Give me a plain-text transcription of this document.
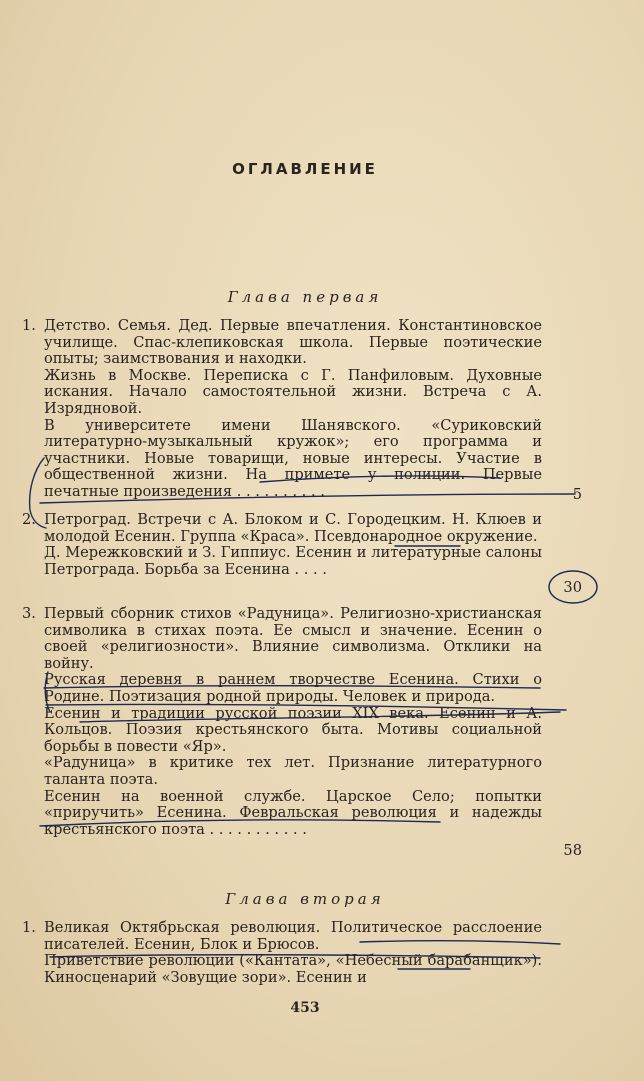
ОГЛАВЛЕНИЕ
Глава первая
1. Детство. Семья. Дед. Первые впечатления. Константиновское училище. Спас-клепиковская школа. Первые поэтические опыты; заимствования и находки.

Жизнь в Москве. Переписка с Г. Панфиловым. Духовные искания. Начало самостоятельной жизни. Встреча с А. Изрядновой.

В университете имени Шанявского. «Суриковский литературно-музыкальный кружок»; его программа и участники. Новые товарищи, новые интересы. Участие в общественной жизни. На примете у полиции. Первые печатные произведения . . . . . . . . . .	5
2. Петроград. Встречи с А. Блоком и С. Городецким. Н. Клюев и молодой Есенин. Группа «Краса». Псевдонародное окружение.

Д. Мережковский и З. Гиппиус. Есенин и литературные салоны Петрограда. Борьба за Есенина . . . .

30
3. Первый сборник стихов «Радуница». Религиозно-христианская символика в стихах поэта. Ее смысл и значение. Есенин о своей «религиозности». Влияние символизма. Отклики на войну.

Русская деревня в раннем творчестве Есенина. Стихи о Родине. Поэтизация родной природы. Человек и природа.

Есенин и традиции русской поэзии XIX века. Есенин и А. Кольцов. Поэзия крестьянского быта. Мотивы социальной борьбы в повести «Яр».

«Радуница» в критике тех лет. Признание литературного таланта поэта.

Есенин на военной службе. Царское Село; попытки «приручить» Есенина. Февральская революция и надежды крестьянского поэта . . . . . . . . . . .

58
Глава вторая
1. Великая Октябрьская революция. Политическое расслоение писателей. Есенин, Блок и Брюсов.

Приветствие революции («Кантата», «Небесный барабанщик»). Киносценарий «Зовущие зори». Есенин и

453
